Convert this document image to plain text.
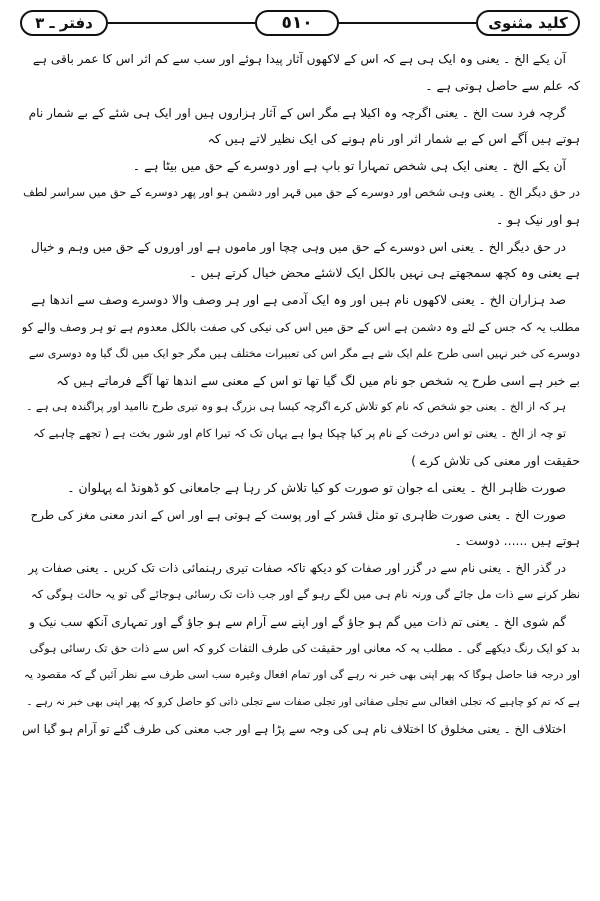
دفتر ـ ٣	٥١٠	کلید مثنوی
آن یکے الخ ۔ یعنی وہ ایک ہی ہے کہ اس کے لاکھوں آثار پیدا ہوئے اور سب سے کم اثر اس کا عمر باقی ہے
کہ علم سے حاصل ہوتی ہے ۔
گرچہ فرد ست الخ ۔ یعنی اگرچہ وہ اکیلا ہے مگر اس کے آثار ہزاروں ہیں اور ایک ہی شئے کے بے شمار نام
ہوتے ہیں آگے اس کے بے شمار اثر اور نام ہونے کی ایک نظیر لاتے ہیں کہ
آن یکے الخ ۔ یعنی ایک ہی شخص تمہارا تو باپ ہے اور دوسرے کے حق میں بیٹا ہے ۔
در حق دیگر الخ ۔ یعنی وہی شخص اور دوسرے کے حق میں قہر اور دشمن ہو اور پھر دوسرے کے حق میں سراسر لطف
ہو اور نیک ہو ۔
در حق دیگر الخ ۔ یعنی اس دوسرے کے حق میں وہی چچا اور ماموں ہے اور اوروں کے حق میں وہم و خیال
ہے یعنی وہ کچھ سمجھتے ہی نہیں بالکل ایک لاشئے محض خیال کرتے ہیں ۔
صد ہزاران الخ ۔ یعنی لاکھوں نام ہیں اور وہ ایک آدمی ہے اور ہر وصف والا دوسرے وصف سے اندھا ہے
مطلب یہ کہ جس کے لئے وہ دشمن ہے اس کے حق میں اس کی نیکی کی صفت بالکل معدوم ہے تو ہر وصف والے کو
دوسرے کی خبر نہیں اسی طرح علم ایک شے ہے مگر اس کی تعبیرات مختلف ہیں مگر جو ایک میں لگ گیا وہ دوسری سے
بے خبر ہے اسی طرح یہ شخص جو نام میں لگ گیا تھا تو اس کے معنی سے اندھا تھا آگے فرماتے ہیں کہ
ہر کہ از الخ ۔ یعنی جو شخص کہ نام کو تلاش کرے اگرچہ کیسا ہی بزرگ ہو وہ تیری طرح ناامید اور پراگندہ ہی ہے ۔
تو چہ از الخ ۔ یعنی تو اس درخت کے نام پر کیا چپکا ہوا ہے یہاں تک کہ تیرا کام اور شور بخت ہے ( تجھے چاہیے کہ
حقیقت اور معنی کی تلاش کرے )
صورت ظاہر الخ ۔ یعنی اے جوان تو صورت کو کیا تلاش کر رہا ہے جامعانی کو ڈھونڈ اے پہلوان ۔
صورت الخ ۔ یعنی صورت ظاہری تو مثل قشر کے اور پوست کے ہوتی ہے اور اس کے اندر معنی مغز کی طرح
ہوتے ہیں ...... دوست ۔
در گذر الخ ۔ یعنی نام سے در گزر اور صفات کو دیکھ تاکہ صفات تیری رہنمائی ذات تک کریں ۔ یعنی صفات پر
نظر کرنے سے ذات مل جائے گی ورنہ نام ہی میں لگے رہو گے اور جب ذات تک رسائی ہوجائے گی تو یہ حالت ہوگی کہ
گم شوی الخ ۔ یعنی تم ذات میں گم ہو جاؤ گے اور اپنے سے آرام سے ہو جاؤ گے اور تمہاری آنکھ سب نیک و
بد کو ایک رنگ دیکھے گی ۔ مطلب یہ کہ معانی اور حقیقت کی طرف التفات کرو کہ اس سے ذات حق تک رسائی ہوگی
اور درجہ فنا حاصل ہوگا کہ پھر اپنی بھی خبر نہ رہے گی اور تمام افعال وغیرہ سب اسی طرف سے نظر آئیں گے کہ مقصود یہ
ہے کہ تم کو چاہیے کہ تجلی افعالی سے تجلی صفاتی اور تجلی صفات سے تجلی ذاتی کو حاصل کرو کہ پھر اپنی بھی خبر نہ رہے ۔
اختلاف الخ ۔ یعنی مخلوق کا اختلاف نام ہی کی وجہ سے پڑا ہے اور جب معنی کی طرف گئے تو آرام ہو گیا اس
